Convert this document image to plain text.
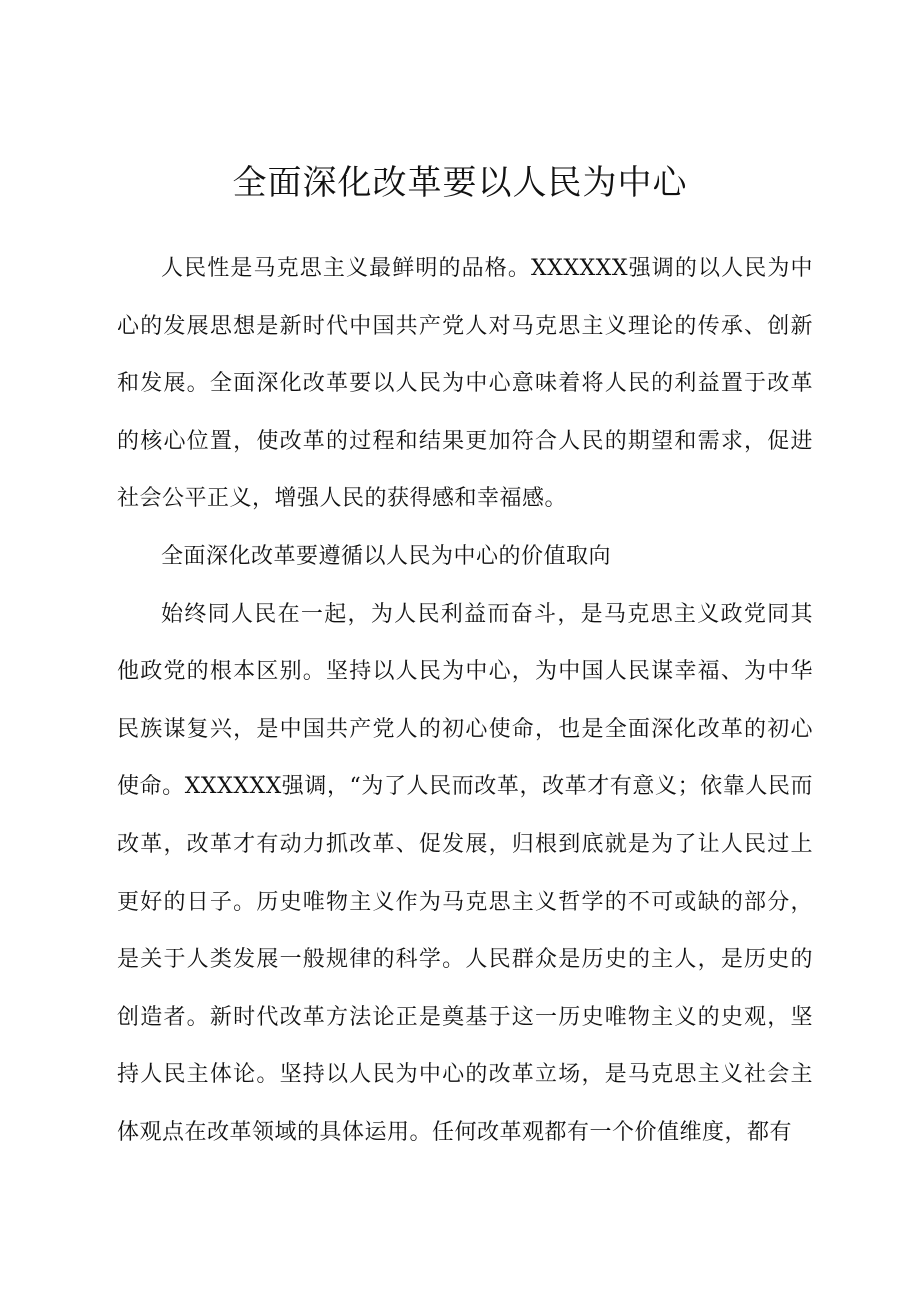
全面深化改革要以人民为中心

人民性是马克思主义最鲜明的品格。XXXXXX强调的以人民为中心的发展思想是新时代中国共产党人对马克思主义理论的传承、创新和发展。全面深化改革要以人民为中心意味着将人民的利益置于改革的核心位置，使改革的过程和结果更加符合人民的期望和需求，促进社会公平正义，增强人民的获得感和幸福感。

全面深化改革要遵循以人民为中心的价值取向

始终同人民在一起，为人民利益而奋斗，是马克思主义政党同其他政党的根本区别。坚持以人民为中心，为中国人民谋幸福、为中华民族谋复兴，是中国共产党人的初心使命，也是全面深化改革的初心使命。XXXXXX强调，“为了人民而改革，改革才有意义；依靠人民而改革，改革才有动力抓改革、促发展，归根到底就是为了让人民过上更好的日子。历史唯物主义作为马克思主义哲学的不可或缺的部分，是关于人类发展一般规律的科学。人民群众是历史的主人，是历史的创造者。新时代改革方法论正是奠基于这一历史唯物主义的史观，坚持人民主体论。坚持以人民为中心的改革立场，是马克思主义社会主体观点在改革领域的具体运用。任何改革观都有一个价值维度，都有
